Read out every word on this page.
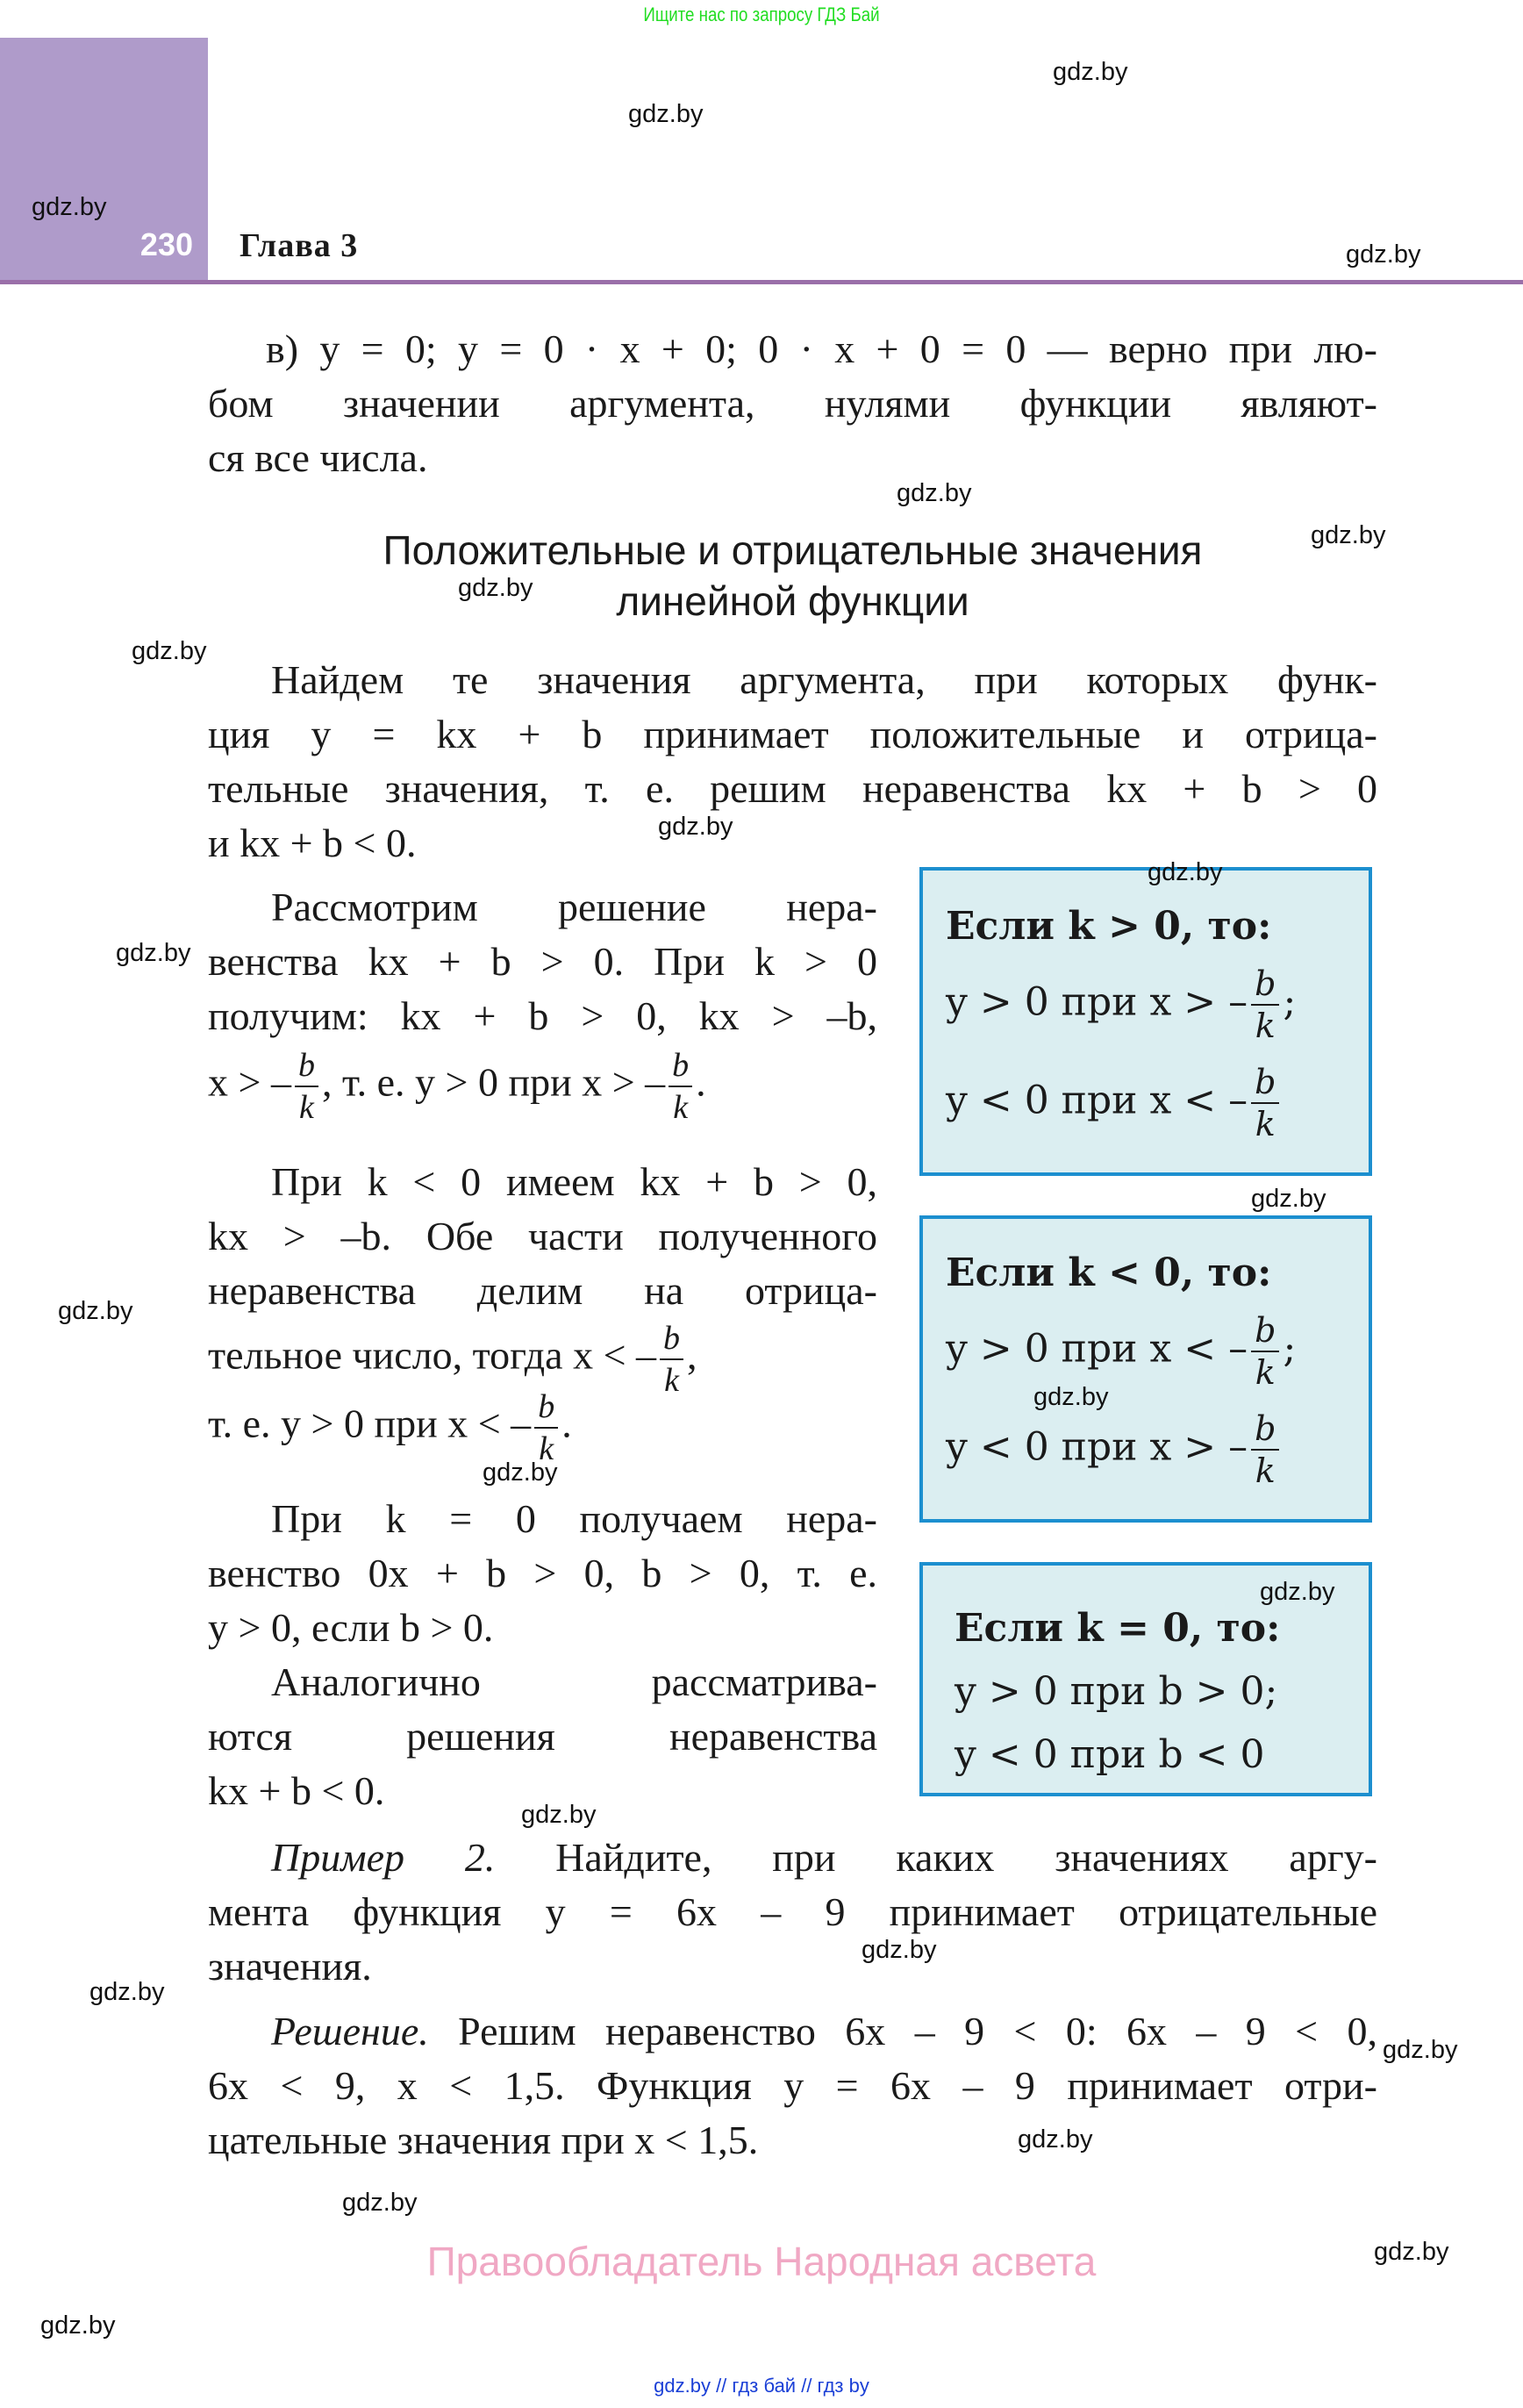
Ищите нас по запросу ГДЗ Бай
230 Глава 3
в) y = 0; y = 0 · x + 0; 0 · x + 0 = 0 — верно при лю-
бом значении аргумента, нулями функции являют-
ся все числа.
Положительные и отрицательные значения
линейной функции
Найдем те значения аргумента, при которых функ-
ция y = kx + b принимает положительные и отрица-
тельные значения, т. е. решим неравенства kx + b > 0
и kx + b < 0.
Рассмотрим решение нера-
венства kx + b > 0. При k > 0
получим: kx + b > 0, kx > –b,
x > – $\frac{b}{k}$ , т. е. y > 0 при x > – $\frac{b}{k}$ .
При k < 0 имеем kx + b > 0,
kx > –b. Обе части полученного
неравенства делим на отрица-
тельное число, тогда x < – $\frac{b}{k}$ ,
т. е. y > 0 при x < – $\frac{b}{k}$ .
При k = 0 получаем нера-
венство 0x + b > 0, b > 0, т. е.
y > 0, если b > 0.
Аналогично рассматрива-
ются решения неравенства
kx + b < 0.
Если k > 0, то:
y > 0 при x > – $\frac{b}{k}$ ;
y < 0 при x < – $\frac{b}{k}$
Если k < 0, то:
y > 0 при x < – $\frac{b}{k}$ ;
y < 0 при x > – $\frac{b}{k}$
Если k = 0, то:
y > 0 при b > 0;
y < 0 при b < 0
Пример 2. Найдите, при каких значениях аргу-
мента функция y = 6x – 9 принимает отрицательные
значения.
Решение. Решим неравенство 6x – 9 < 0: 6x – 9 < 0,
6x < 9, x < 1,5. Функция y = 6x – 9 принимает отри-
цательные значения при x < 1,5.
gdz.by
gdz.by
gdz.by
gdz.by
gdz.by
gdz.by
gdz.by
gdz.by
gdz.by
gdz.by
gdz.by
gdz.by
gdz.by
gdz.by
gdz.by
gdz.by
gdz.by
gdz.by
gdz.by
gdz.by
gdz.by
gdz.by
gdz.by
gdz.by
Правообладатель Народная асвета
gdz.by // гдз бай // гдз by
